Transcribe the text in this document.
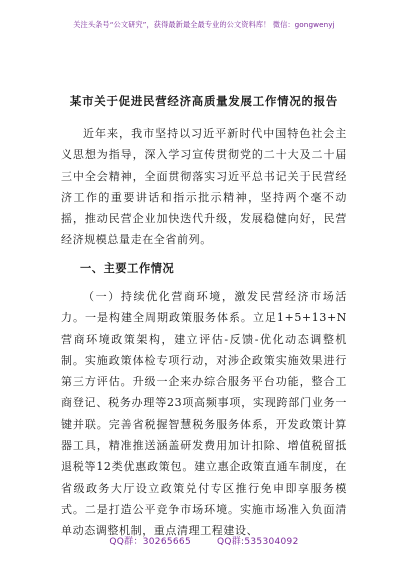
关注头条号“公文研究”，获得最新最全最专业的公文资料库！ 微信：gongwenyj
某市关于促进民营经济高质量发展工作情况的报告

近年来，我市坚持以习近平新时代中国特色社会主义思想为指导，深入学习宣传贯彻党的二十大及二十届三中全会精神，全面贯彻落实习近平总书记关于民营经济工作的重要讲话和指示批示精神，坚持两个毫不动摇，推动民营企业加快迭代升级，发展稳健向好，民营经济规模总量走在全省前列。

一、主要工作情况

（一）持续优化营商环境，激发民营经济市场活力。一是构建全周期政策服务体系。立足1+5+13+N营商环境政策架构，建立评估-反馈-优化动态调整机制。实施政策体检专项行动，对涉企政策实施效果进行第三方评估。升级一企来办综合服务平台功能，整合工商登记、税务办理等23项高频事项，实现跨部门业务一键并联。完善省税握智慧税务服务体系，开发政策计算器工具，精准推送涵盖研发费用加计扣除、增值税留抵退税等12类优惠政策包。建立惠企政策直通车制度，在省级政务大厅设立政策兑付专区推行免申即享服务模式。二是打造公平竞争市场环境。实施市场准入负面清单动态调整机制，重点清理工程建设、

QQ群：30265665	QQ群:535304092
